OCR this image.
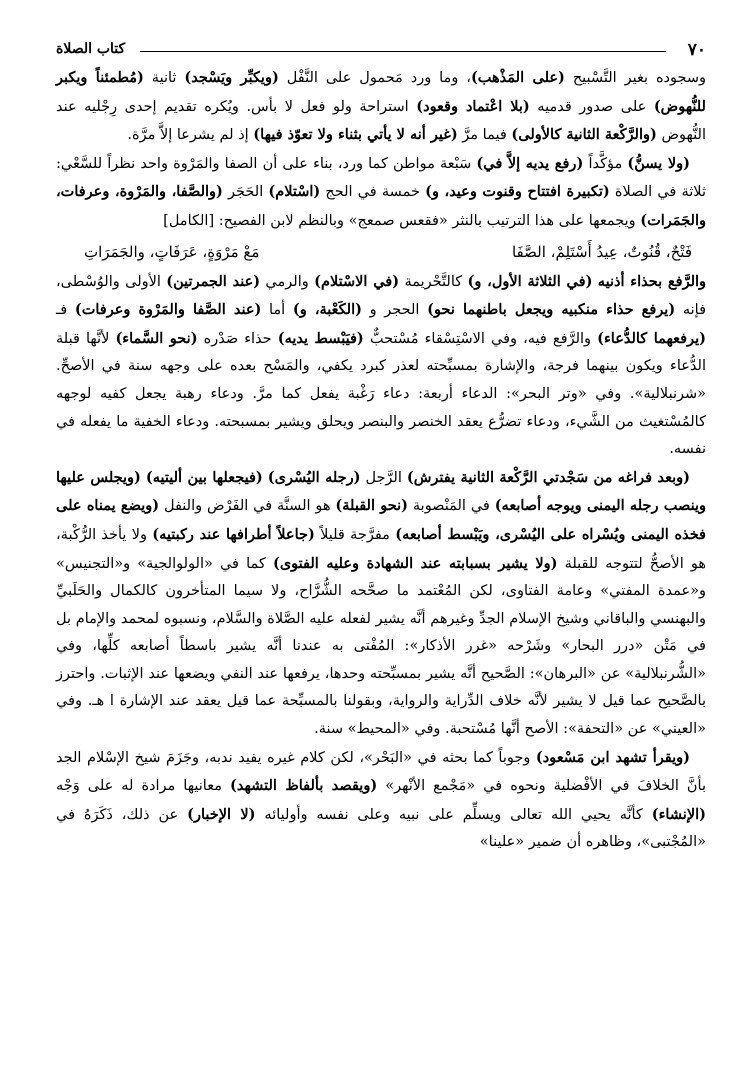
٧٠
كتاب الصلاة

وسجوده بغير التَّسْبيح (على المَذْهب)، وما ورد مَحمول على النَّفْل (ويكبِّر ويَسْجد) ثانية (مُطمئناً ويكبر للنُّهوض) على صدور قدميه (بلا اعْتماد وقعود) استراحة ولو فعل لا بأس. ويُكره تقديم إحدى رِجْليه عند النُّهوض (والرَّكْعة الثانية كالأولى) فيما مرَّ (غير أنه لا يأتي بثناء ولا تعوّذ فيها) إذ لم يشرعا إلاَّ مرَّة.

(ولا يسنُّ) مؤكَّداً (رفع يديه إلاَّ في) سَبْعة مواطن كما ورد، بناء على أن الصفا والمَرْوة واحد نظراً للسَّعْي: ثلاثة في الصلاة (تكبيرة افتتاح وقنوت وعيد، و) خمسة في الحج (اسْتلام) الحَجَر (والصَّفا، والمَرْوة، وعرفات، والجَمَرات) ويجمعها على هذا الترتيب بالنثر «فقعس صمعج» وبالنظم لابن الفصيح: [الكامل]

فَتْحٌ، قُنُوتٌ، عِيدُ أَسْتَلِمْ، الصَّفَا
مَعْ مَرْوَةٍ، عَرَفَاتٍ، والجَمَرَاتِ

والرَّفع بحذاء أذنيه (في الثلاثة الأول، و) كالتَّحْريمة (في الاسْتلام) والرمي (عند الجمرتين) الأولى والوُسْطى، فإنه (يرفع حذاء منكبيه ويجعل باطنهما نحو) الحجر و (الكَعْبة، و) أما (عند الصَّفا والمَرْوة وعرفات) فـ (يرفعهما كالدُّعاء) والرَّفع فيه، وفي الاسْتِسْقاء مُسْتحبٌّ (فيَبْسط يديه) حذاء صَدْره (نحو السَّماء) لأنَّها قبلة الدُّعاء ويكون بينهما فرجة، والإشارة بمسبِّحته لعذر كبرد يكفي، والمَسْح بعده على وجهه سنة في الأصحِّ. «شرنبلالية». وفي «وتر البحر»: الدعاء أربعة: دعاء رَغْبة يفعل كما مرَّ. ودعاء رهبة يجعل كفيه لوجهه كالمُسْتغيث من الشَّيء، ودعاء تضرُّع يعقد الخنصر والبنصر ويحلق ويشير بمسبحته. ودعاء الخفية ما يفعله في نفسه.

(وبعد فراغه من سَجْدتي الرَّكْعة الثانية يفترش) الرَّجل (رجله اليُسْرى) (فيجعلها بين أليتيه) (ويجلس عليها وينصب رجله اليمنى ويوجه أصابعه) في المَنْصوبة (نحو القبلة) هو السنَّة في الفَرْض والنفل (ويضع يمناه على فخذه اليمنى ويُسْراه على اليُسْرى، ويَبْسط أصابعه) مفرَّجة قليلاً (جاعلاً أطرافها عند ركبتيه) ولا يأخذ الرُّكْبة، هو الأصحُّ لتتوجه للقبلة (ولا يشير بسبابته عند الشهادة وعليه الفتوى) كما في «الولوالجية» و«التجنيس» و«عمدة المفتي» وعامة الفتاوى، لكن المُعْتمد ما صحَّحه الشُّرَّاح، ولا سيما المتأخرون كالكمال والحَلَبيِّ والبهنسي والباقاني وشيخ الإسلام الجدِّ وغيرهم أنَّه يشير لفعله عليه الصَّلاة والسَّلام، ونسبوه لمحمد والإمام بل في مَتْن «درر البحار» وشَرْحه «غرر الأذكار»: المُفْتى به عندنا أنَّه يشير باسطاً أصابعه كلِّها، وفي «الشُّرنبلالية» عن «البرهان»: الصَّحيح أنَّه يشير بمسبِّحته وحدها، يرفعها عند النفي ويضعها عند الإثبات. واحترز بالصَّحيح عما قيل لا يشير لأنَّه خلاف الدِّراية والرواية، وبقولنا بالمسبِّحة عما قيل يعقد عند الإشارة ا هـ. وفي «العيني» عن «التحفة»: الأصح أنَّها مُسْتحبة. وفي «المحيط» سنة.

(ويقرأ تشهد ابن مَسْعود) وجوباً كما بحثه في «البَحْر»، لكن كلام غيره يفيد ندبه، وجَزَمَ شيخ الإسْلام الجد بأنَّ الخلافَ في الأفْضلية ونحوه في «مَجْمع الأنْهر» (ويقصد بألفاظ التشهد) معانيها مرادة له على وَجْه (الإنشاء) كأنَّه يحيي الله تعالى ويسلِّم على نبيه وعلى نفسه وأوليائه (لا الإخبار) عن ذلك، ذَكَرَهُ في «المُجْتبى»، وظاهره أن ضمير «علينا»
